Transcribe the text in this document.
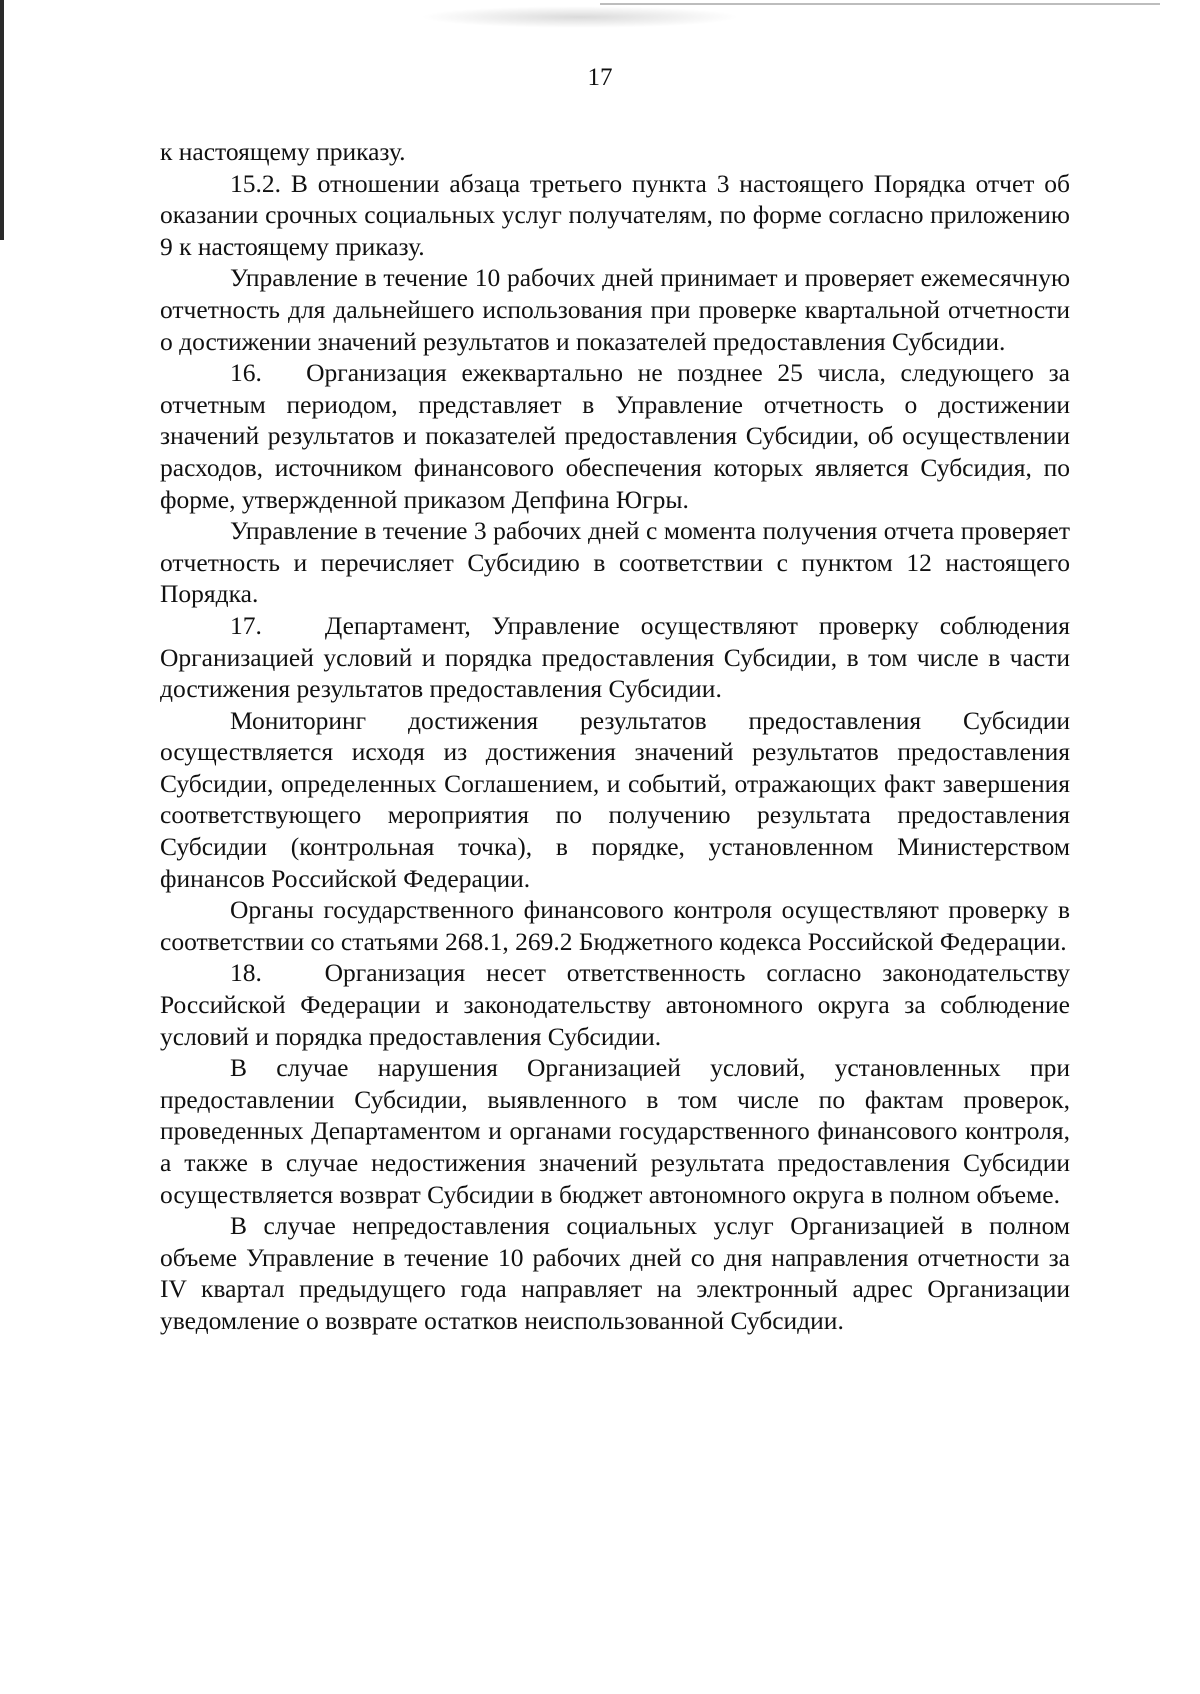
17

к настоящему приказу.

15.2. В отношении абзаца третьего пункта 3 настоящего Порядка отчет об оказании срочных социальных услуг получателям, по форме согласно приложению 9 к настоящему приказу.

Управление в течение 10 рабочих дней принимает и проверяет ежемесячную отчетность для дальнейшего использования при проверке квартальной отчетности о достижении значений результатов и показателей предоставления Субсидии.

16.   Организация ежеквартально не позднее 25 числа, следующего за отчетным периодом, представляет в Управление отчетность о достижении значений результатов и показателей предоставления Субсидии, об осуществлении расходов, источником финансового обеспечения которых является Субсидия, по форме, утвержденной приказом Депфина Югры.

Управление в течение 3 рабочих дней с момента получения отчета проверяет отчетность и перечисляет Субсидию в соответствии с пунктом 12 настоящего Порядка.

17.   Департамент, Управление осуществляют проверку соблюдения Организацией условий и порядка предоставления Субсидии, в том числе в части достижения результатов предоставления Субсидии.

Мониторинг достижения результатов предоставления Субсидии осуществляется исходя из достижения значений результатов предоставления Субсидии, определенных Соглашением, и событий, отражающих факт завершения соответствующего мероприятия по получению результата предоставления Субсидии (контрольная точка), в порядке, установленном Министерством финансов Российской Федерации.

Органы государственного финансового контроля осуществляют проверку в соответствии со статьями 268.1, 269.2 Бюджетного кодекса Российской Федерации.

18.   Организация несет ответственность согласно законодательству Российской Федерации и законодательству автономного округа за соблюдение условий и порядка предоставления Субсидии.

В случае нарушения Организацией условий, установленных при предоставлении Субсидии, выявленного в том числе по фактам проверок, проведенных Департаментом и органами государственного финансового контроля, а также в случае недостижения значений результата предоставления Субсидии осуществляется возврат Субсидии в бюджет автономного округа в полном объеме.

В случае непредоставления социальных услуг Организацией в полном объеме Управление в течение 10 рабочих дней со дня направления отчетности за IV квартал предыдущего года направляет на электронный адрес Организации уведомление о возврате остатков неиспользованной Субсидии.
